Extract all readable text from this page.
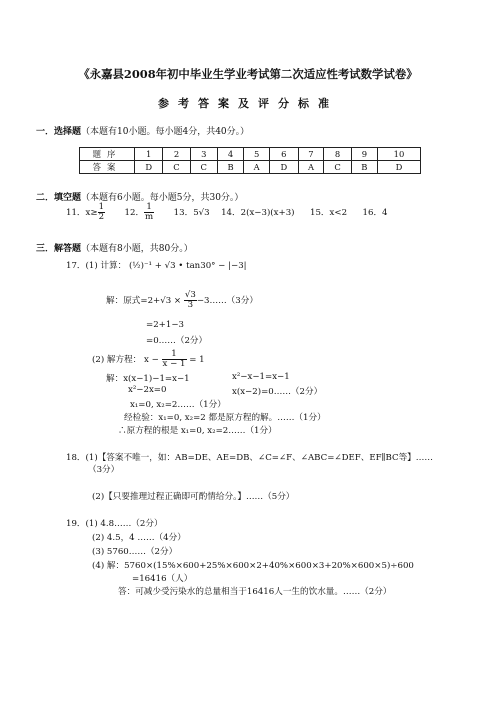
《永嘉县2008年初中毕业生学业考试第二次适应性考试数学试卷》
参考答案及评分标准
一．选择题（本题有10小题。每小题4分，共40分。）
题序	1	2	3	4	5	6	7	8	9	10
答案	D	C	C	B	A	D	A	C	B	D
二．填空题（本题有6小题。每小题5分，共30分。）
11．$x\ge \frac{1}{2} 12$． $\frac{1}{m} 13$．5√3 14．2(x−3)(x+3) 15．x<2 16．4
三．解答题（本题有8小题，共80分。）
17．(1) 计算： (½)⁻¹ + √3 • tan30° − |−3|
解：原式$=2+√3 \times \frac{√3}{3}$ −3……（3分）
=2+1−3
=0……（2分）
(2) 解方程： $x - \frac{1}{x - 1} = 1$
解：x(x−1)−1=x−1	x²−x−1=x−1
x²−2x=0	x(x−2)=0……（2分）
x₁=0, x₂=2……（1分）
经检验：x₁=0, x₂=2 都是原方程的解。……（1分）
∴原方程的根是 x₁=0, x₂=2……（1分）
18．(1)【答案不唯一，如：AB=DE、AE=DB、∠C=∠F、∠ABC=∠DEF、EF∥BC等】……
（3分）
(2)【只要推理过程正确即可酌情给分。】……（5分）
19．(1) 4.8……（2分）
(2) 4.5，4 ……（4分）
(3) 5760……（2分）
(4) 解：5760×(15%×600+25%×600×2+40%×600×3+20%×600×5)÷600
=16416（人）
答：可减少受污染水的总量相当于16416人一生的饮水量。……（2分）
